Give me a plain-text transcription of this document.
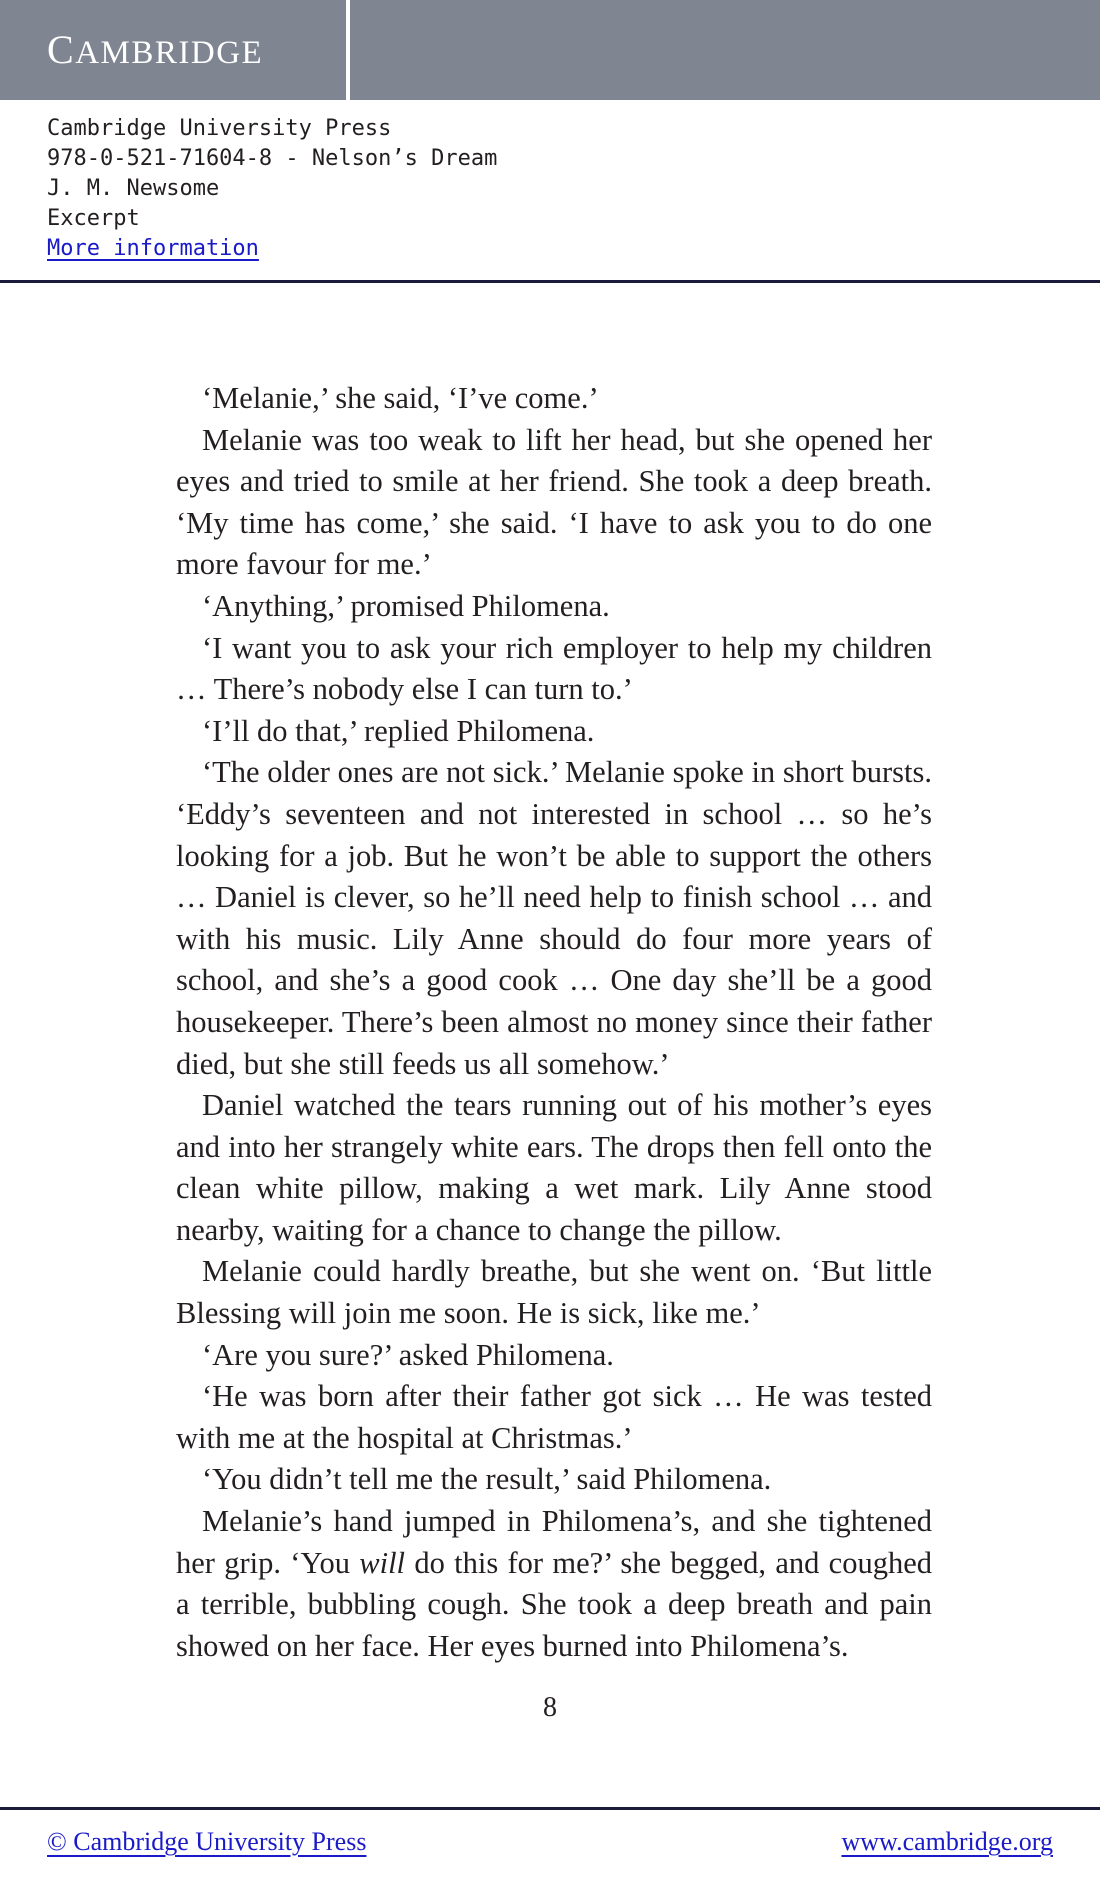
CAMBRIDGE
Cambridge University Press
978-0-521-71604-8 - Nelson’s Dream
J. M. Newsome
Excerpt
More information

‘Melanie,’ she said, ‘I’ve come.’

Melanie was too weak to lift her head, but she opened her eyes and tried to smile at her friend. She took a deep breath. ‘My time has come,’ she said. ‘I have to ask you to do one more favour for me.’

‘Anything,’ promised Philomena.

‘I want you to ask your rich employer to help my children … There’s nobody else I can turn to.’

‘I’ll do that,’ replied Philomena.

‘The older ones are not sick.’ Melanie spoke in short bursts. ‘Eddy’s seventeen and not interested in school … so he’s looking for a job. But he won’t be able to support the others … Daniel is clever, so he’ll need help to finish school … and with his music. Lily Anne should do four more years of school, and she’s a good cook … One day she’ll be a good housekeeper. There’s been almost no money since their father died, but she still feeds us all somehow.’

Daniel watched the tears running out of his mother’s eyes and into her strangely white ears. The drops then fell onto the clean white pillow, making a wet mark. Lily Anne stood nearby, waiting for a chance to change the pillow.

Melanie could hardly breathe, but she went on. ‘But little Blessing will join me soon. He is sick, like me.’

‘Are you sure?’ asked Philomena.

‘He was born after their father got sick … He was tested with me at the hospital at Christmas.’

‘You didn’t tell me the result,’ said Philomena.

Melanie’s hand jumped in Philomena’s, and she tightened her grip. ‘You will do this for me?’ she begged, and coughed a terrible, bubbling cough. She took a deep breath and pain showed on her face. Her eyes burned into Philomena’s.

8
© Cambridge University Press	www.cambridge.org
